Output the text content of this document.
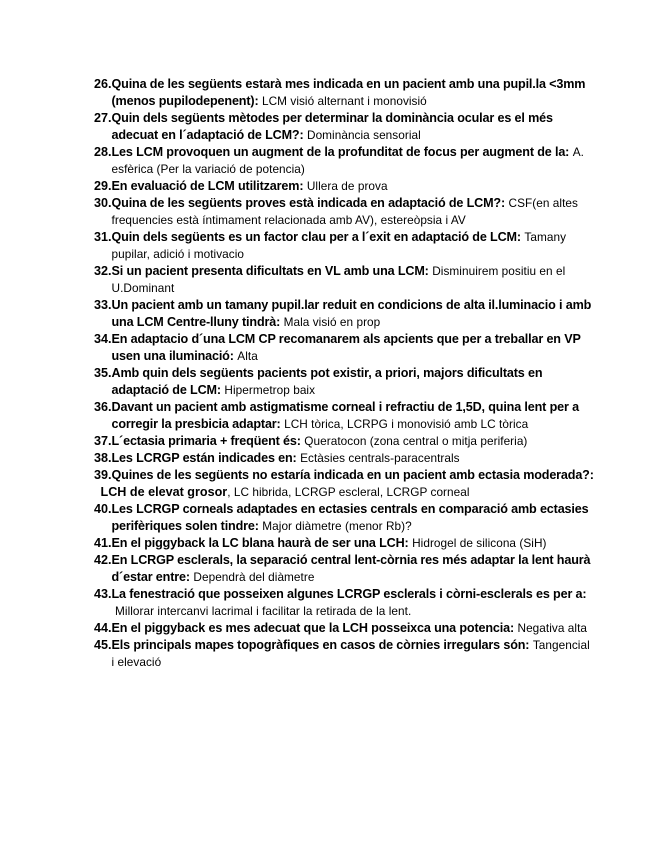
26. Quina de les següents estarà mes indicada en un pacient amb una pupil.la <3mm (menos pupilodepenent): LCM visió alternant i monovisió
27. Quin dels següents mètodes per determinar la dominància ocular es el més adecuat en l´adaptació de LCM?: Dominància sensorial
28. Les LCM provoquen un augment de la profunditat de focus per augment de la: A. esfèrica (Per la variació de potencia)
29. En evaluació de LCM utilitzarem: Ullera de prova
30. Quina de les següents proves està indicada en adaptació de LCM?: CSF(en altes frequencies està íntimament relacionada amb AV), estereòpsia i AV
31. Quin dels següents es un factor clau per a l´exit en adaptació de LCM: Tamany pupilar, adició i motivacio
32. Si un pacient presenta dificultats en VL amb una LCM: Disminuirem positiu en el U.Dominant
33. Un pacient amb un tamany pupil.lar reduit en condicions de alta il.luminacio i amb una LCM Centre-lluny tindrà: Mala visió en prop
34. En adaptacio d´una LCM CP recomanarem als apcients que per a treballar en VP usen una iluminació: Alta
35. Amb quin dels següents pacients pot existir, a priori, majors dificultats en adaptació de LCM: Hipermetrop baix
36. Davant un pacient amb astigmatisme corneal i refractiu de 1,5D, quina lent per a corregir la presbicia adaptar: LCH tòrica, LCRPG i monovisió amb LC tòrica
37. L´ectasia primaria + freqüent és: Queratocon (zona central o mitja periferia)
38. Les LCRGP están indicades en: Ectàsies centrals-paracentrals
39. Quines de les següents no estaría indicada en un pacient amb ectasia moderada?:
LCH de elevat grosor, LC hibrida, LCRGP escleral, LCRGP corneal
40. Les LCRGP corneals adaptades en ectasies centrals en comparació amb ectasies perifèriques solen tindre: Major diàmetre (menor Rb)?
41. En el piggyback la LC blana haurà de ser una LCH: Hidrogel de silicona (SiH)
42. En LCRGP esclerals, la separació central lent-còrnia res més adaptar la lent haurà d´estar entre: Dependrà del diàmetre
43. La fenestració que posseixen algunes LCRGP esclerals i còrni-esclerals es per a: Millorar intercanvi lacrimal i facilitar la retirada de la lent.
44. En el piggyback es mes adecuat que la LCH posseixca una potencia: Negativa alta
45. Els principals mapes topogràfiques en casos de còrnies irregulars són: Tangencial i elevació
